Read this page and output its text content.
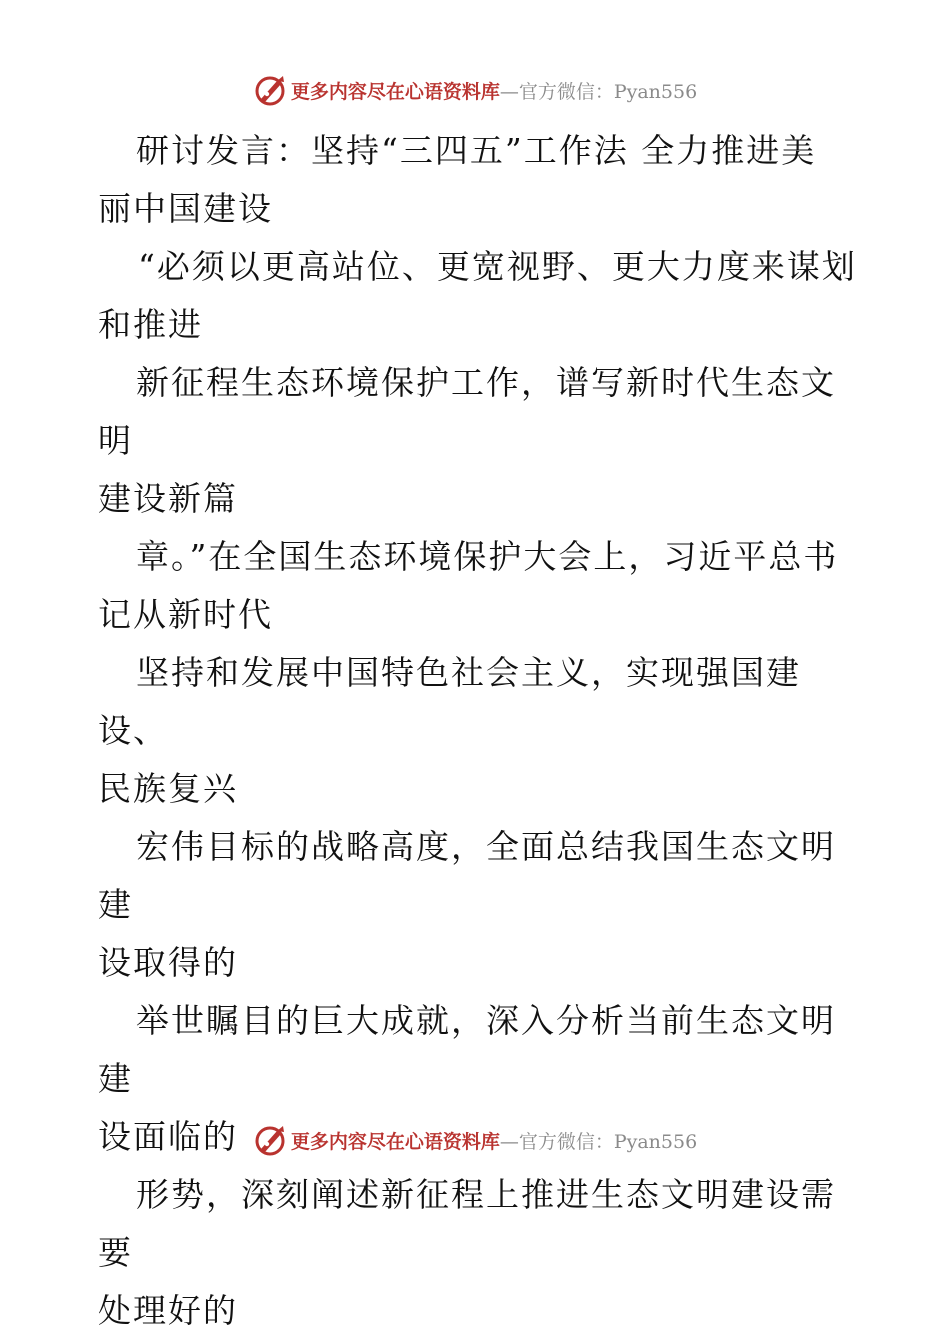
更多内容尽在心语资料库—官方微信：Pyan556

研讨发言：坚持“三四五”工作法 全力推进美

丽中国建设

“必须以更高站位、更宽视野、更大力度来谋划

和推进

新征程生态环境保护工作，谱写新时代生态文明

建设新篇

章。”在全国生态环境保护大会上，习近平总书

记从新时代

坚持和发展中国特色社会主义，实现强国建设、

民族复兴

宏伟目标的战略高度，全面总结我国生态文明建

设取得的

举世瞩目的巨大成就，深入分析当前生态文明建

设面临的

形势，深刻阐述新征程上推进生态文明建设需要

处理好的

更多内容尽在心语资料库—官方微信：Pyan556
